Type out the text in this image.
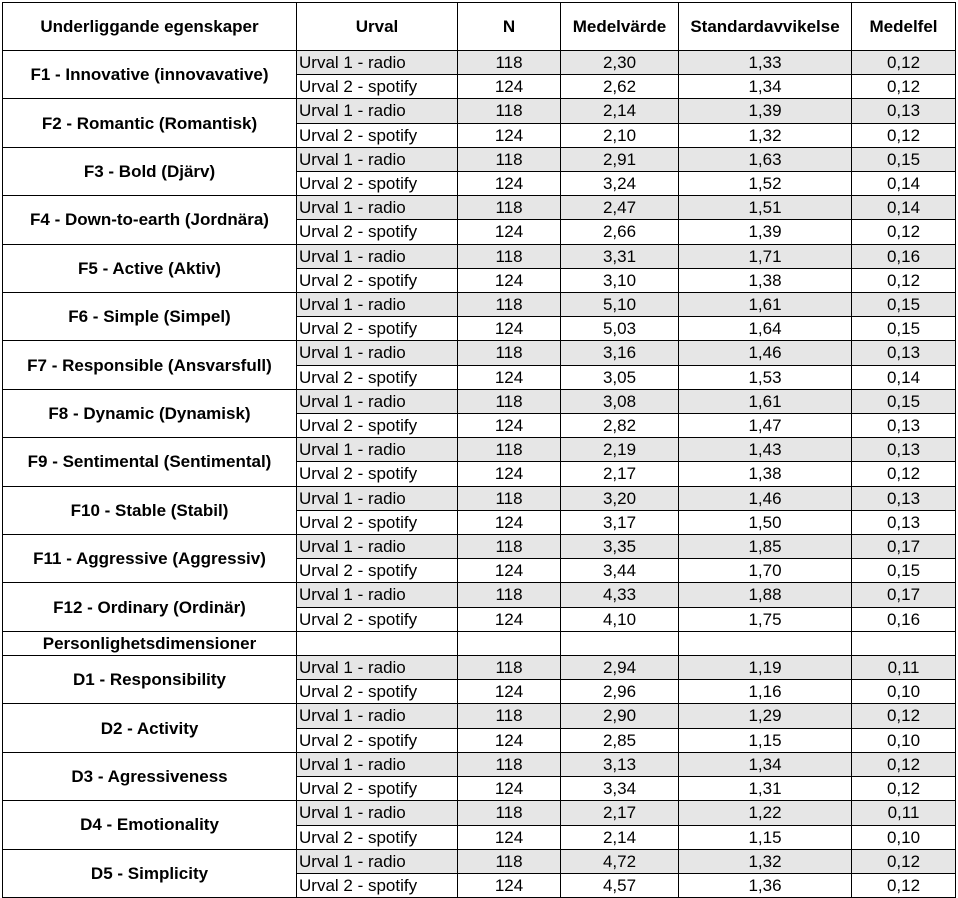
Underliggande egenskaper	Urval	N	Medelvärde	Standardavvikelse	Medelfel
F1 - Innovative (innovavative)	Urval 1 - radio	118	2,30	1,33	0,12
	Urval 2 - spotify	124	2,62	1,34	0,12
F2 - Romantic (Romantisk)	Urval 1 - radio	118	2,14	1,39	0,13
	Urval 2 - spotify	124	2,10	1,32	0,12
F3 - Bold (Djärv)	Urval 1 - radio	118	2,91	1,63	0,15
	Urval 2 - spotify	124	3,24	1,52	0,14
F4 - Down-to-earth (Jordnära)	Urval 1 - radio	118	2,47	1,51	0,14
	Urval 2 - spotify	124	2,66	1,39	0,12
F5 - Active (Aktiv)	Urval 1 - radio	118	3,31	1,71	0,16
	Urval 2 - spotify	124	3,10	1,38	0,12
F6 - Simple (Simpel)	Urval 1 - radio	118	5,10	1,61	0,15
	Urval 2 - spotify	124	5,03	1,64	0,15
F7 - Responsible (Ansvarsfull)	Urval 1 - radio	118	3,16	1,46	0,13
	Urval 2 - spotify	124	3,05	1,53	0,14
F8 - Dynamic (Dynamisk)	Urval 1 - radio	118	3,08	1,61	0,15
	Urval 2 - spotify	124	2,82	1,47	0,13
F9 - Sentimental (Sentimental)	Urval 1 - radio	118	2,19	1,43	0,13
	Urval 2 - spotify	124	2,17	1,38	0,12
F10 - Stable (Stabil)	Urval 1 - radio	118	3,20	1,46	0,13
	Urval 2 - spotify	124	3,17	1,50	0,13
F11 - Aggressive (Aggressiv)	Urval 1 - radio	118	3,35	1,85	0,17
	Urval 2 - spotify	124	3,44	1,70	0,15
F12 - Ordinary (Ordinär)	Urval 1 - radio	118	4,33	1,88	0,17
	Urval 2 - spotify	124	4,10	1,75	0,16
Personlighetsdimensioner					
D1 - Responsibility	Urval 1 - radio	118	2,94	1,19	0,11
	Urval 2 - spotify	124	2,96	1,16	0,10
D2 - Activity	Urval 1 - radio	118	2,90	1,29	0,12
	Urval 2 - spotify	124	2,85	1,15	0,10
D3 - Agressiveness	Urval 1 - radio	118	3,13	1,34	0,12
	Urval 2 - spotify	124	3,34	1,31	0,12
D4 - Emotionality	Urval 1 - radio	118	2,17	1,22	0,11
	Urval 2 - spotify	124	2,14	1,15	0,10
D5 - Simplicity	Urval 1 - radio	118	4,72	1,32	0,12
	Urval 2 - spotify	124	4,57	1,36	0,12
